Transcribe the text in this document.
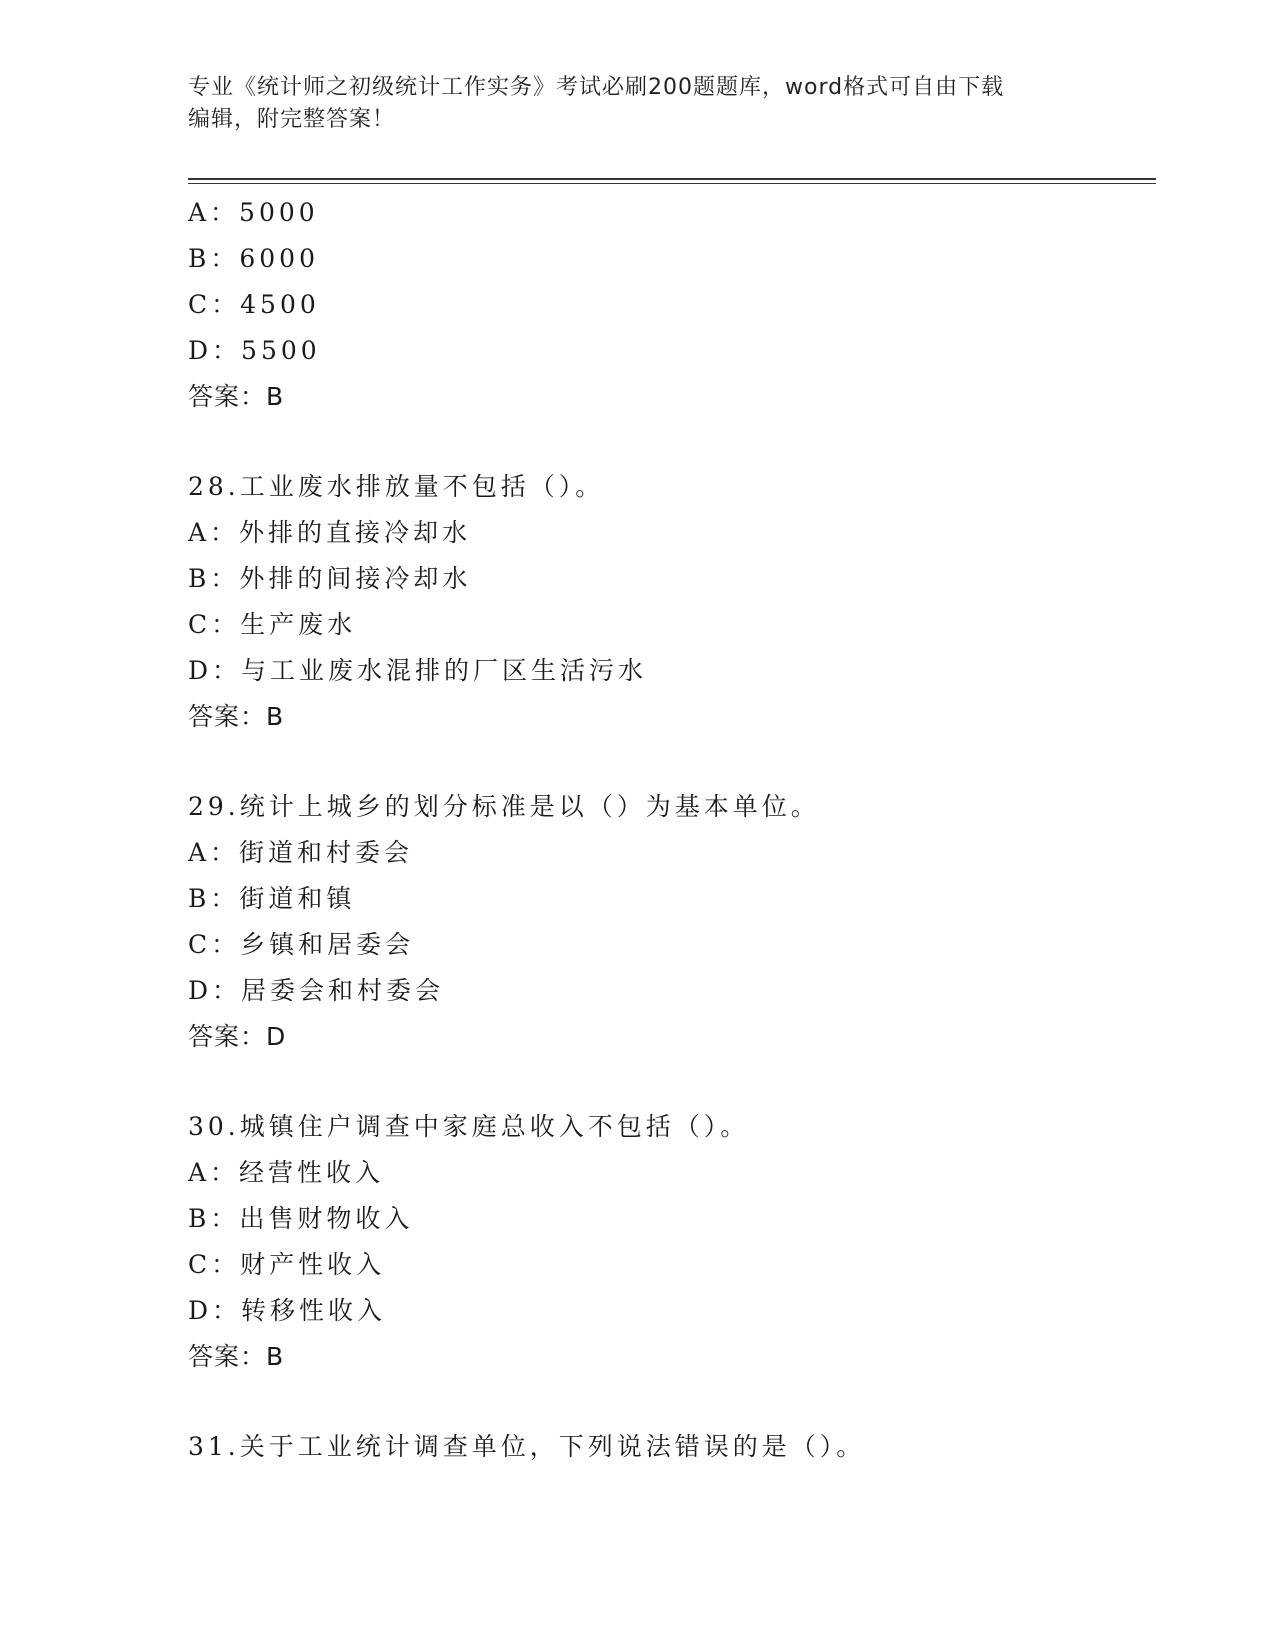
专业《统计师之初级统计工作实务》考试必刷200题题库，word格式可自由下载
编辑，附完整答案！
A：5000
B：6000
C：4500
D：5500
答案：B
28.工业废水排放量不包括（）。
A：外排的直接冷却水
B：外排的间接冷却水
C：生产废水
D：与工业废水混排的厂区生活污水
答案：B
29.统计上城乡的划分标准是以（）为基本单位。
A：街道和村委会
B：街道和镇
C：乡镇和居委会
D：居委会和村委会
答案：D
30.城镇住户调查中家庭总收入不包括（）。
A：经营性收入
B：出售财物收入
C：财产性收入
D：转移性收入
答案：B
31.关于工业统计调查单位，下列说法错误的是（）。
